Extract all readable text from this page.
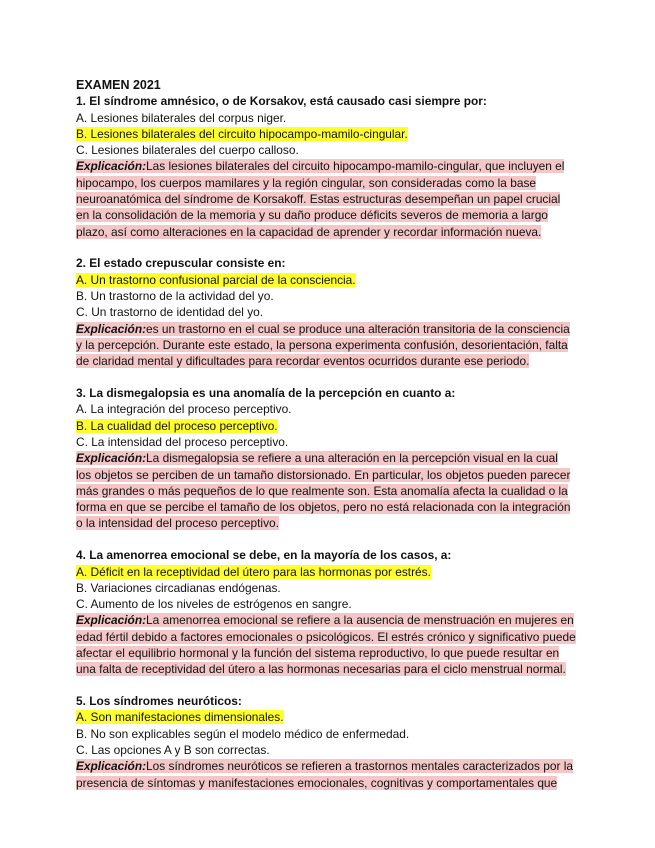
EXAMEN 2021

1. El síndrome amnésico, o de Korsakov, está causado casi siempre por:

A. Lesiones bilaterales del corpus niger.

B. Lesiones bilaterales del circuito hipocampo-mamilo-cingular.

C. Lesiones bilaterales del cuerpo calloso.

Explicación:Las lesiones bilaterales del circuito hipocampo-mamilo-cingular, que incluyen el hipocampo, los cuerpos mamilares y la región cingular, son consideradas como la base neuroanatómica del síndrome de Korsakoff. Estas estructuras desempeñan un papel crucial en la consolidación de la memoria y su daño produce déficits severos de memoria a largo plazo, así como alteraciones en la capacidad de aprender y recordar información nueva.

2. El estado crepuscular consiste en:

A. Un trastorno confusional parcial de la consciencia.

B. Un trastorno de la actividad del yo.

C. Un trastorno de identidad del yo.

Explicación:es un trastorno en el cual se produce una alteración transitoria de la consciencia y la percepción. Durante este estado, la persona experimenta confusión, desorientación, falta de claridad mental y dificultades para recordar eventos ocurridos durante ese periodo.

3. La dismegalopsia es una anomalía de la percepción en cuanto a:

A. La integración del proceso perceptivo.

B. La cualidad del proceso perceptivo.

C. La intensidad del proceso perceptivo.

Explicación:La dismegalopsia se refiere a una alteración en la percepción visual en la cual los objetos se perciben de un tamaño distorsionado. En particular, los objetos pueden parecer más grandes o más pequeños de lo que realmente son. Esta anomalía afecta la cualidad o la forma en que se percibe el tamaño de los objetos, pero no está relacionada con la integración o la intensidad del proceso perceptivo.

4. La amenorrea emocional se debe, en la mayoría de los casos, a:

A. Déficit en la receptividad del útero para las hormonas por estrés.

B. Variaciones circadianas endógenas.

C. Aumento de los niveles de estrógenos en sangre.

Explicación:La amenorrea emocional se refiere a la ausencia de menstruación en mujeres en edad fértil debido a factores emocionales o psicológicos. El estrés crónico y significativo puede afectar el equilibrio hormonal y la función del sistema reproductivo, lo que puede resultar en una falta de receptividad del útero a las hormonas necesarias para el ciclo menstrual normal.

5. Los síndromes neuróticos:

A. Son manifestaciones dimensionales.

B. No son explicables según el modelo médico de enfermedad.

C. Las opciones A y B son correctas.

Explicación:Los síndromes neuróticos se refieren a trastornos mentales caracterizados por la presencia de síntomas y manifestaciones emocionales, cognitivas y comportamentales que
